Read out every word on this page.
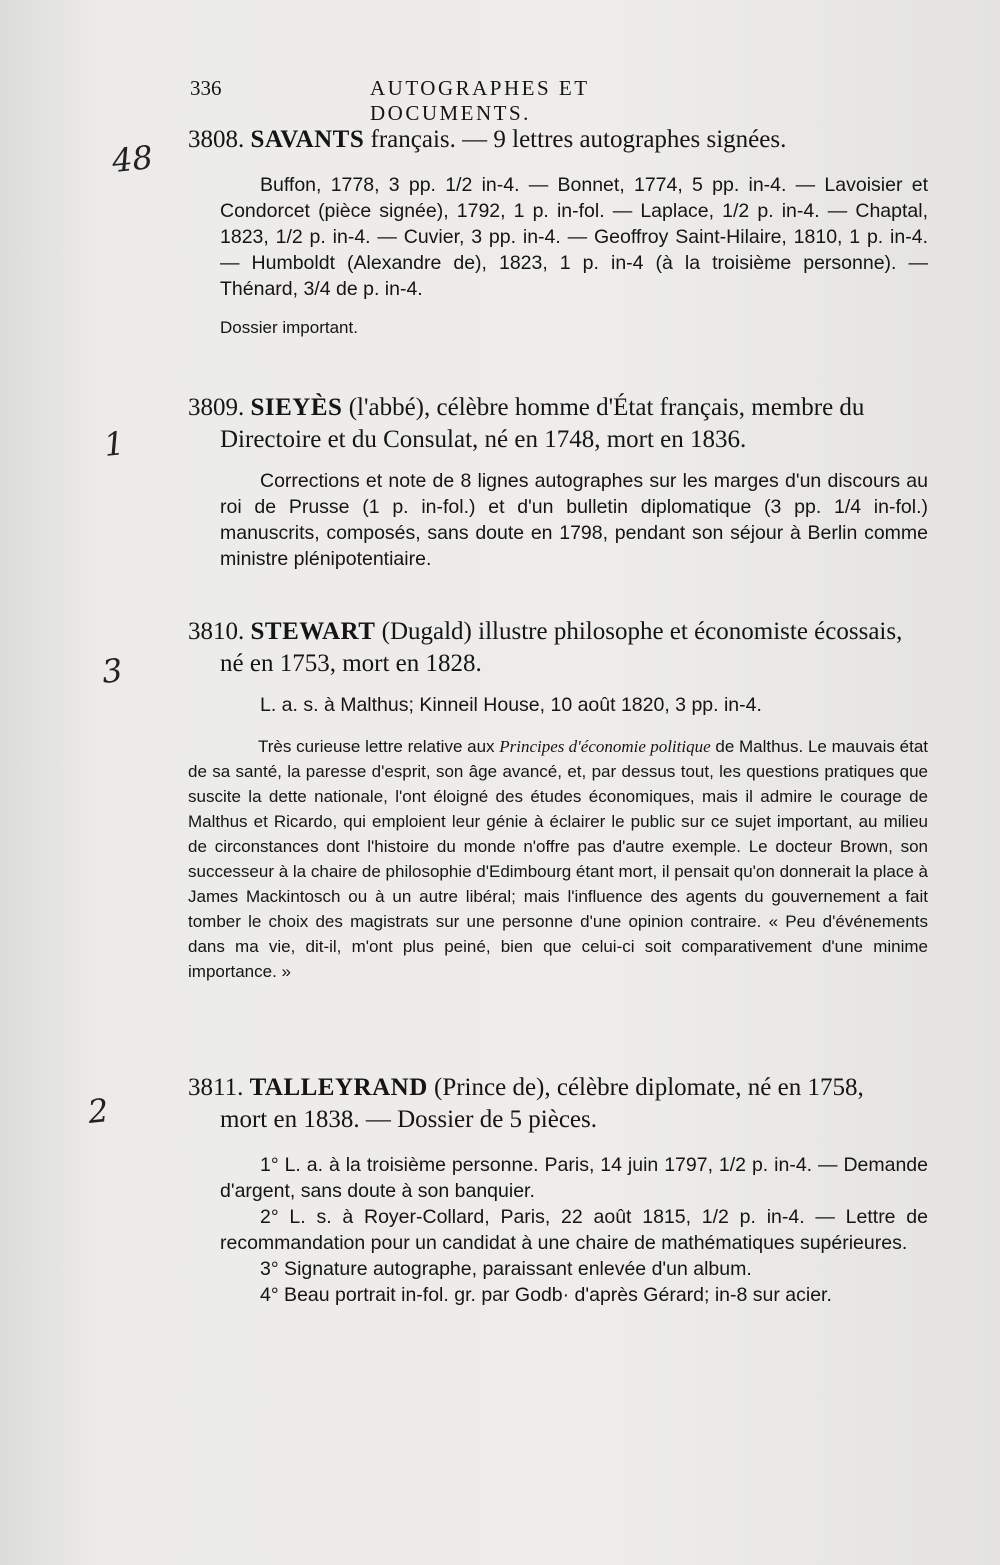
336	AUTOGRAPHES ET DOCUMENTS.
48
1
3
2
3808. SAVANTS français. — 9 lettres autographes signées.

Buffon, 1778, 3 pp. 1/2 in-4. — Bonnet, 1774, 5 pp. in-4. — Lavoisier et Condorcet (pièce signée), 1792, 1 p. in-fol. — Laplace, 1/2 p. in-4. — Chaptal, 1823, 1/2 p. in-4. — Cuvier, 3 pp. in-4. — Geoffroy Saint-Hilaire, 1810, 1 p. in-4. — Humboldt (Alexandre de), 1823, 1 p. in-4 (à la troisième personne). — Thénard, 3/4 de p. in-4.

Dossier important.
3809. SIEYÈS (l'abbé), célèbre homme d'État français, membre du
Directoire et du Consulat, né en 1748, mort en 1836.

Corrections et note de 8 lignes autographes sur les marges d'un discours au roi de Prusse (1 p. in-fol.) et d'un bulletin diplomatique (3 pp. 1/4 in-fol.) manuscrits, composés, sans doute en 1798, pendant son séjour à Berlin comme ministre plénipotentiaire.

3810. STEWART (Dugald) illustre philosophe et économiste écossais,
né en 1753, mort en 1828.

L. a. s. à Malthus; Kinneil House, 10 août 1820, 3 pp. in-4.

Très curieuse lettre relative aux Principes d'économie politique de Malthus. Le mauvais état de sa santé, la paresse d'esprit, son âge avancé, et, par dessus tout, les questions pratiques que suscite la dette nationale, l'ont éloigné des études économiques, mais il admire le courage de Malthus et Ricardo, qui emploient leur génie à éclairer le public sur ce sujet important, au milieu de circonstances dont l'histoire du monde n'offre pas d'autre exemple. Le docteur Brown, son successeur à la chaire de philosophie d'Edimbourg étant mort, il pensait qu'on donnerait la place à James Mackintosch ou à un autre libéral; mais l'influence des agents du gouvernement a fait tomber le choix des magistrats sur une personne d'une opinion contraire. « Peu d'événements dans ma vie, dit-il, m'ont plus peiné, bien que celui-ci soit comparativement d'une minime importance. »

3811. TALLEYRAND (Prince de), célèbre diplomate, né en 1758,
mort en 1838. — Dossier de 5 pièces.

1° L. a. à la troisième personne. Paris, 14 juin 1797, 1/2 p. in-4. — Demande d'argent, sans doute à son banquier.

2° L. s. à Royer-Collard, Paris, 22 août 1815, 1/2 p. in-4. — Lettre de recommandation pour un candidat à une chaire de mathématiques supérieures.

3° Signature autographe, paraissant enlevée d'un album.

4° Beau portrait in-fol. gr. par Godb· d'après Gérard; in-8 sur acier.
